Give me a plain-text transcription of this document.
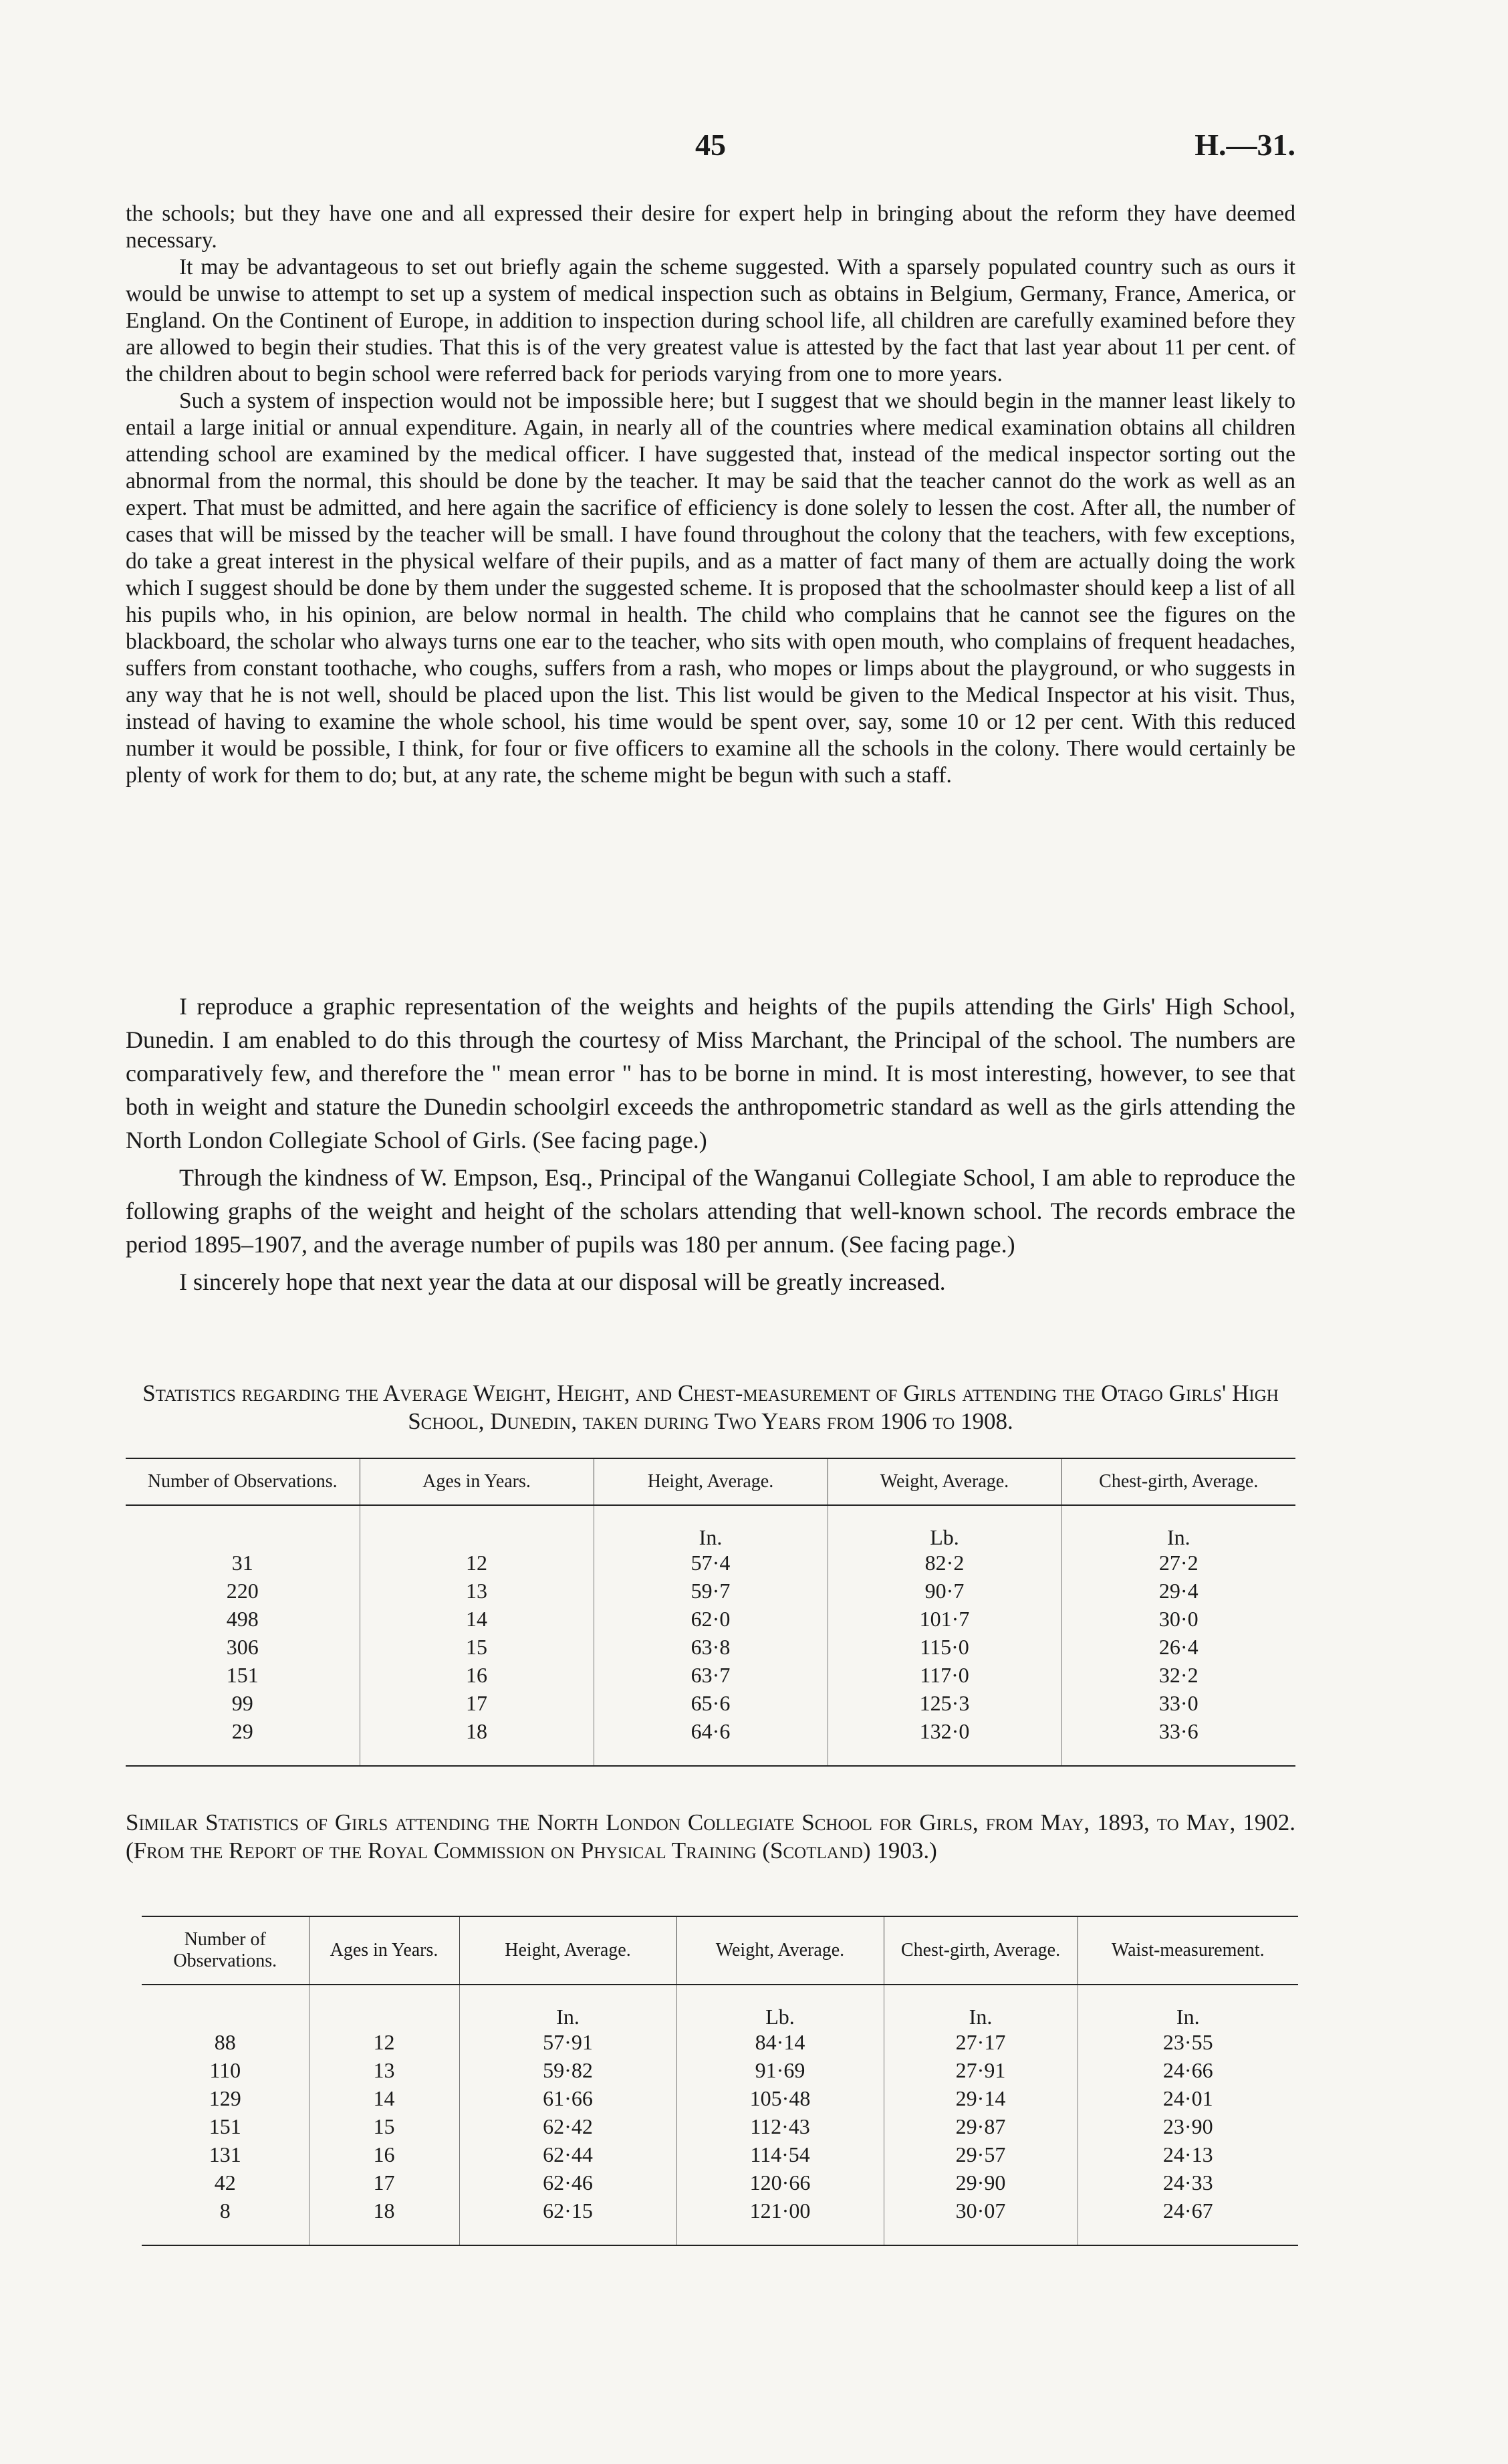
45	H.—31.

the schools; but they have one and all expressed their desire for expert help in bringing about the reform they have deemed necessary.

It may be advantageous to set out briefly again the scheme suggested. With a sparsely populated country such as ours it would be unwise to attempt to set up a system of medical inspection such as obtains in Belgium, Germany, France, America, or England. On the Continent of Europe, in addition to inspection during school life, all children are carefully examined before they are allowed to begin their studies. That this is of the very greatest value is attested by the fact that last year about 11 per cent. of the children about to begin school were referred back for periods varying from one to more years.

Such a system of inspection would not be impossible here; but I suggest that we should begin in the manner least likely to entail a large initial or annual expenditure. Again, in nearly all of the countries where medical examination obtains all children attending school are examined by the medical officer. I have suggested that, instead of the medical inspector sorting out the abnormal from the normal, this should be done by the teacher. It may be said that the teacher cannot do the work as well as an expert. That must be admitted, and here again the sacrifice of efficiency is done solely to lessen the cost. After all, the number of cases that will be missed by the teacher will be small. I have found throughout the colony that the teachers, with few exceptions, do take a great interest in the physical welfare of their pupils, and as a matter of fact many of them are actually doing the work which I suggest should be done by them under the suggested scheme. It is proposed that the schoolmaster should keep a list of all his pupils who, in his opinion, are below normal in health. The child who complains that he cannot see the figures on the blackboard, the scholar who always turns one ear to the teacher, who sits with open mouth, who complains of frequent headaches, suffers from constant toothache, who coughs, suffers from a rash, who mopes or limps about the playground, or who suggests in any way that he is not well, should be placed upon the list. This list would be given to the Medical Inspector at his visit. Thus, instead of having to examine the whole school, his time would be spent over, say, some 10 or 12 per cent. With this reduced number it would be possible, I think, for four or five officers to examine all the schools in the colony. There would certainly be plenty of work for them to do; but, at any rate, the scheme might be begun with such a staff.

I reproduce a graphic representation of the weights and heights of the pupils attending the Girls' High School, Dunedin. I am enabled to do this through the courtesy of Miss Marchant, the Principal of the school. The numbers are comparatively few, and therefore the " mean error " has to be borne in mind. It is most interesting, however, to see that both in weight and stature the Dunedin schoolgirl exceeds the anthropometric standard as well as the girls attending the North London Collegiate School of Girls. (See facing page.)

Through the kindness of W. Empson, Esq., Principal of the Wanganui Collegiate School, I am able to reproduce the following graphs of the weight and height of the scholars attending that well-known school. The records embrace the period 1895–1907, and the average number of pupils was 180 per annum. (See facing page.)

I sincerely hope that next year the data at our disposal will be greatly increased.

Statistics regarding the Average Weight, Height, and Chest-measurement of Girls attending the Otago Girls' High School, Dunedin, taken during Two Years from 1906 to 1908.
Number of Observations.	Ages in Years.	Height, Average.	Weight, Average.	Chest-girth, Average.
		In.	Lb.	In.
31	12	57·4	82·2	27·2
220	13	59·7	90·7	29·4
498	14	62·0	101·7	30·0
306	15	63·8	115·0	26·4
151	16	63·7	117·0	32·2
99	17	65·6	125·3	33·0
29	18	64·6	132·0	33·6
Similar Statistics of Girls attending the North London Collegiate School for Girls, from May, 1893, to May, 1902. (From the Report of the Royal Commission on Physical Training (Scotland) 1903.)
Number of Observations.	Ages in Years.	Height, Average.	Weight, Average.	Chest-girth, Average.	Waist-measurement.
		In.	Lb.	In.	In.
88	12	57·91	84·14	27·17	23·55
110	13	59·82	91·69	27·91	24·66
129	14	61·66	105·48	29·14	24·01
151	15	62·42	112·43	29·87	23·90
131	16	62·44	114·54	29·57	24·13
42	17	62·46	120·66	29·90	24·33
8	18	62·15	121·00	30·07	24·67
